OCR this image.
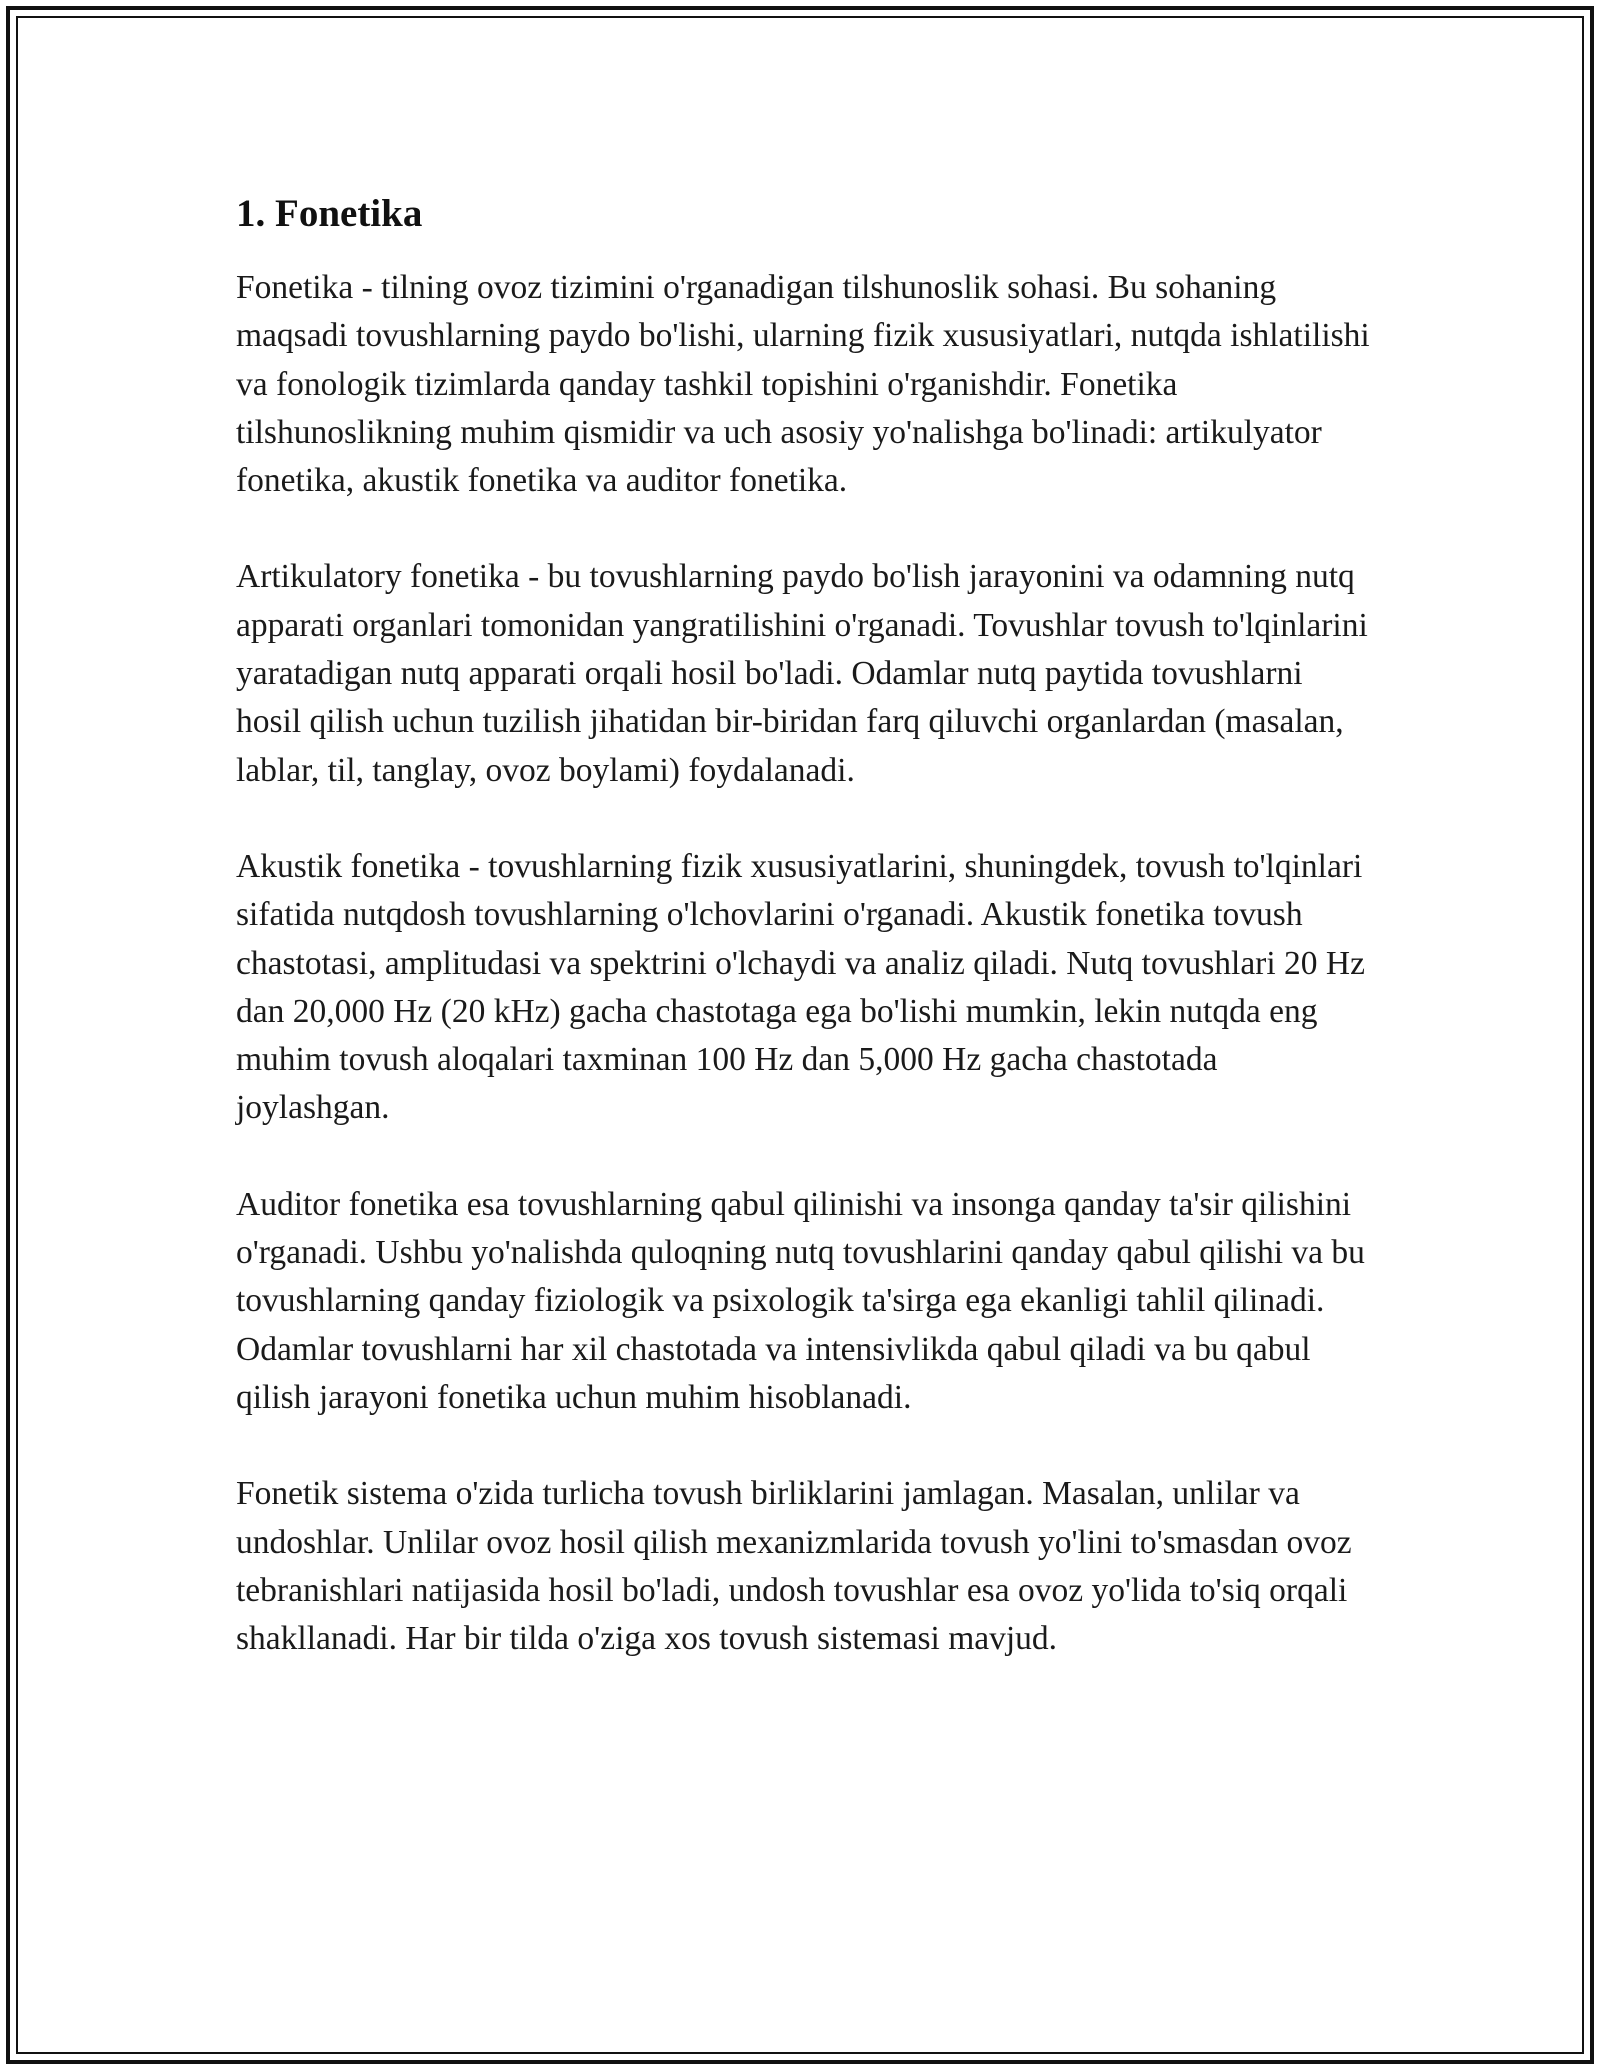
1. Fonetika

Fonetika - tilning ovoz tizimini o'rganadigan tilshunoslik sohasi. Bu sohaning maqsadi tovushlarning paydo bo'lishi, ularning fizik xususiyatlari, nutqda ishlatilishi va fonologik tizimlarda qanday tashkil topishini o'rganishdir. Fonetika tilshunoslikning muhim qismidir va uch asosiy yo'nalishga bo'linadi: artikulyator fonetika, akustik fonetika va auditor fonetika.

Artikulatory fonetika - bu tovushlarning paydo bo'lish jarayonini va odamning nutq apparati organlari tomonidan yangratilishini o'rganadi. Tovushlar tovush to'lqinlarini yaratadigan nutq apparati orqali hosil bo'ladi. Odamlar nutq paytida tovushlarni hosil qilish uchun tuzilish jihatidan bir-biridan farq qiluvchi organlardan (masalan, lablar, til, tanglay, ovoz boylami) foydalanadi.

Akustik fonetika - tovushlarning fizik xususiyatlarini, shuningdek, tovush to'lqinlari sifatida nutqdosh tovushlarning o'lchovlarini o'rganadi. Akustik fonetika tovush chastotasi, amplitudasi va spektrini o'lchaydi va analiz qiladi. Nutq tovushlari 20 Hz dan 20,000 Hz (20 kHz) gacha chastotaga ega bo'lishi mumkin, lekin nutqda eng muhim tovush aloqalari taxminan 100 Hz dan 5,000 Hz gacha chastotada joylashgan.

Auditor fonetika esa tovushlarning qabul qilinishi va insonga qanday ta'sir qilishini o'rganadi. Ushbu yo'nalishda quloqning nutq tovushlarini qanday qabul qilishi va bu tovushlarning qanday fiziologik va psixologik ta'sirga ega ekanligi tahlil qilinadi. Odamlar tovushlarni har xil chastotada va intensivlikda qabul qiladi va bu qabul qilish jarayoni fonetika uchun muhim hisoblanadi.

Fonetik sistema o'zida turlicha tovush birliklarini jamlagan. Masalan, unlilar va undoshlar. Unlilar ovoz hosil qilish mexanizmlarida tovush yo'lini to'smasdan ovoz tebranishlari natijasida hosil bo'ladi, undosh tovushlar esa ovoz yo'lida to'siq orqali shakllanadi. Har bir tilda o'ziga xos tovush sistemasi mavjud.
